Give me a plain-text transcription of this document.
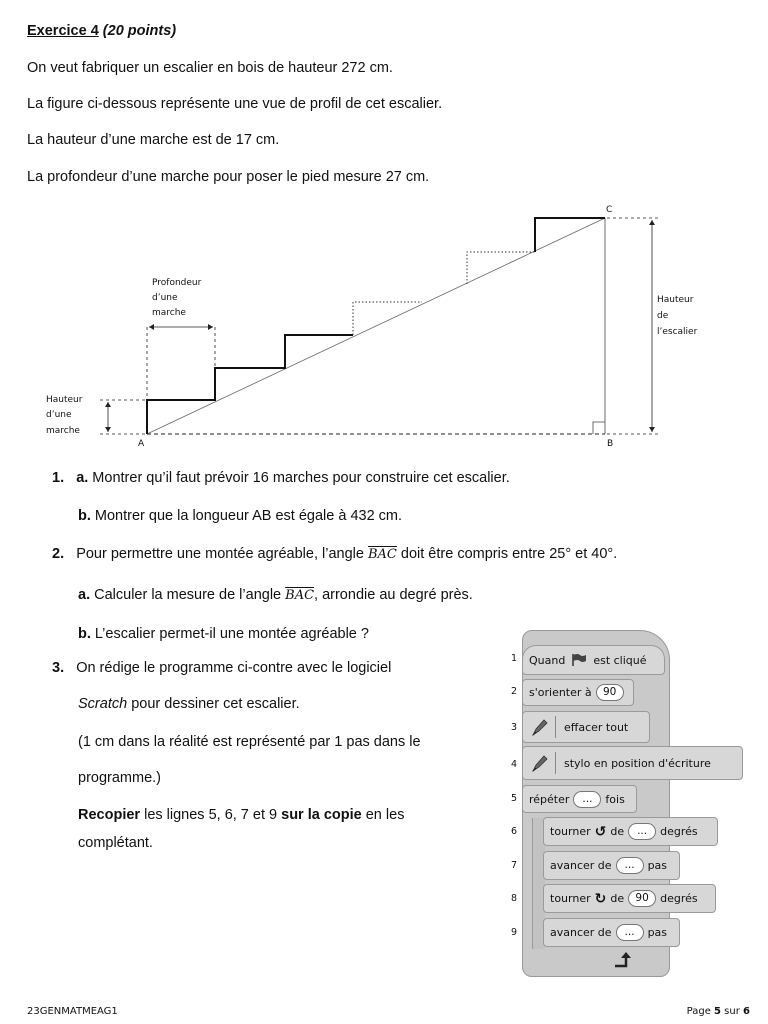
Exercice 4 (20 points)
On veut fabriquer un escalier en bois de hauteur 272 cm.
La figure ci-dessous représente une vue de profil de cet escalier.
La hauteur d’une marche est de 17 cm.
La profondeur d’une marche pour poser le pied mesure 27 cm.
Profondeur
d’une
marche
Hauteur
d’une
marche
Hauteur
de
l’escalier
A	B
C
1. a. Montrer qu’il faut prévoir 16 marches pour construire cet escalier.
b. Montrer que la longueur AB est égale à 432 cm.
2. Pour permettre une montée agréable, l’angle $\overline{BAC}$ doit être compris entre 25° et 40°.
a. Calculer la mesure de l’angle $\overline{BAC}$, arrondie au degré près.
b. L’escalier permet-il une montée agréable ?
3. On rédige le programme ci-contre avec le logiciel
Scratch pour dessiner cet escalier.
(1 cm dans la réalité est représenté par 1 pas dans le
programme.)
Recopier les lignes 5, 6, 7 et 9 sur la copie en les
complétant.
1
2
3
4
5
6
7
8
9
Quand	est cliqué
s'orienter à	90
effacer tout
stylo en position d'écriture
répéter	...	fois
tourner ↺ de	...	degrés
avancer de	...	pas
tourner ↻ de	90	degrés
avancer de	...	pas
23GENMATMEAG1	Page 5 sur 6
